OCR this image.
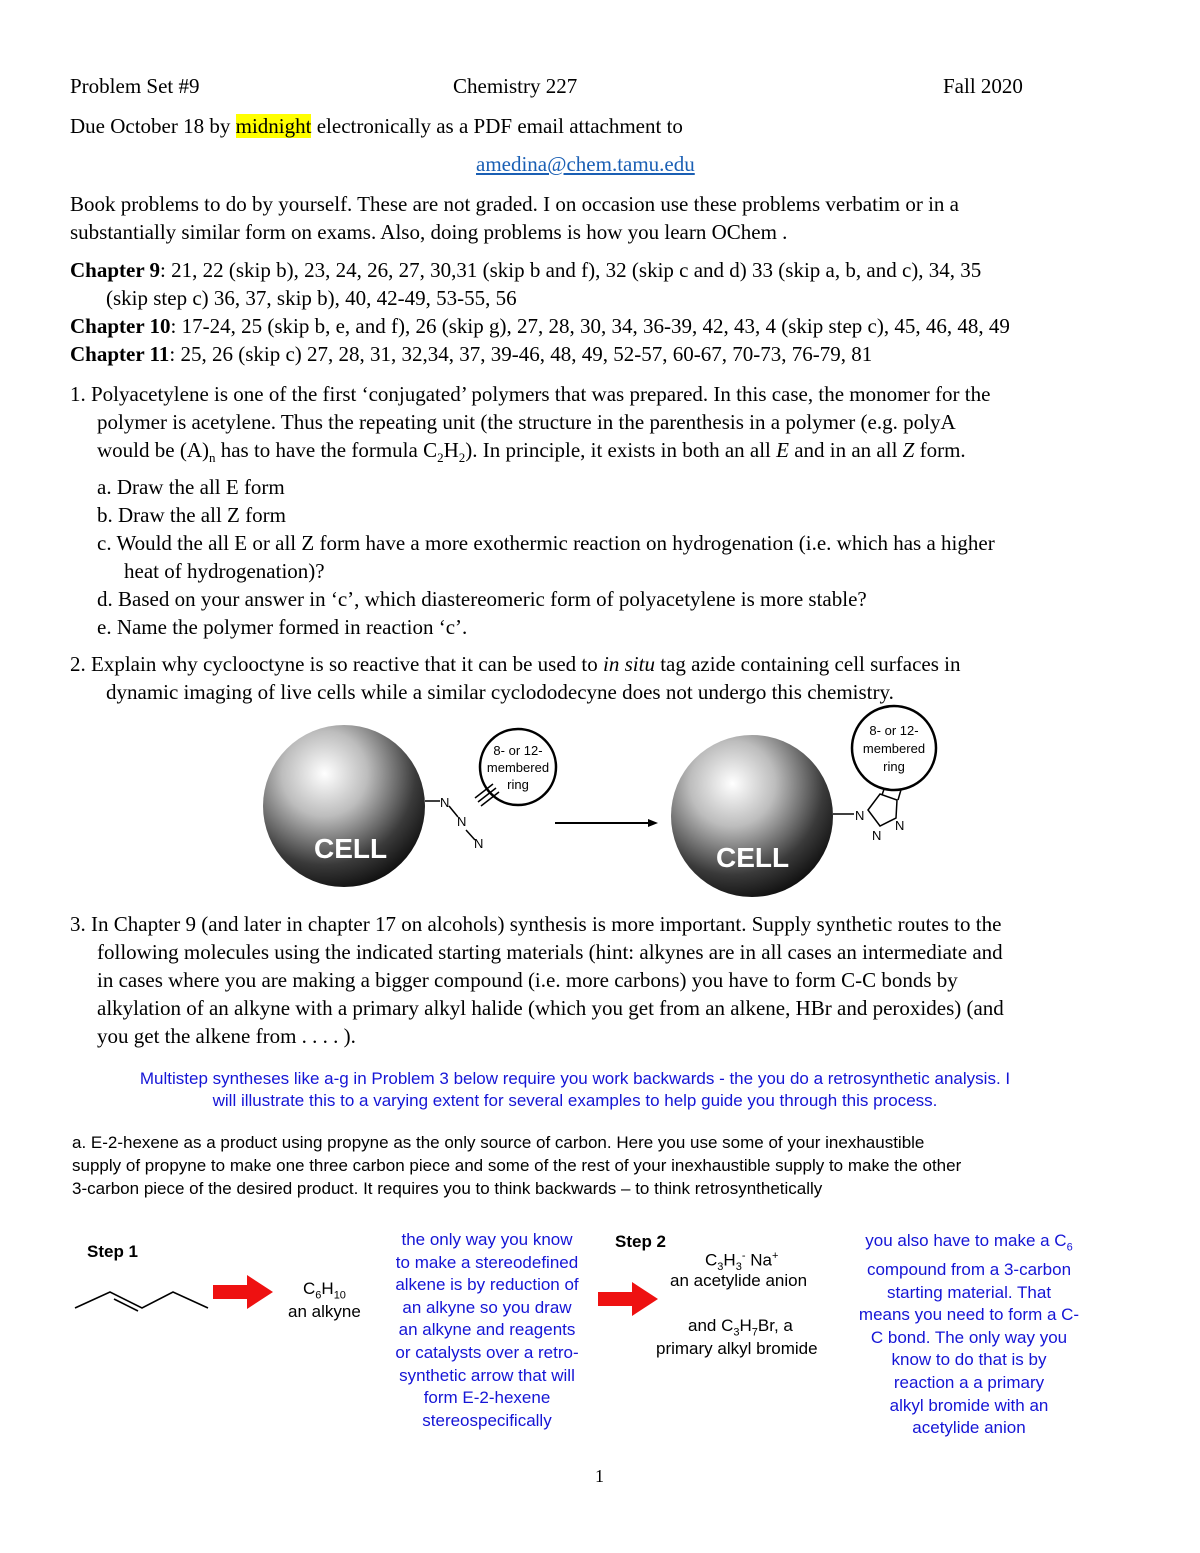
Problem Set #9	Chemistry 227	Fall 2020
Due October 18 by midnight electronically as a PDF email attachment to
amedina@chem.tamu.edu
Book problems to do by yourself. These are not graded. I on occasion use these problems verbatim or in a
substantially similar form on exams. Also, doing problems is how you learn OChem .
Chapter 9: 21, 22 (skip b), 23, 24, 26, 27, 30,31 (skip b and f), 32 (skip c and d) 33 (skip a, b, and c), 34, 35
(skip step c) 36, 37, skip b), 40, 42-49, 53-55, 56
Chapter 10: 17-24, 25 (skip b, e, and f), 26 (skip g), 27, 28, 30, 34, 36-39, 42, 43, 4 (skip step c), 45, 46, 48, 49
Chapter 11: 25, 26 (skip c) 27, 28, 31, 32,34, 37, 39-46, 48, 49, 52-57, 60-67, 70-73, 76-79, 81
1. Polyacetylene is one of the first ‘conjugated’ polymers that was prepared. In this case, the monomer for the
polymer is acetylene. Thus the repeating unit (the structure in the parenthesis in a polymer (e.g. polyA
would be $(A)_n$ has to have the formula $C_2H_2$). In principle, it exists in both an all E and in an all Z form.
a. Draw the all E form
b. Draw the all Z form
c. Would the all E or all Z form have a more exothermic reaction on hydrogenation (i.e. which has a higher
heat of hydrogenation)?
d. Based on your answer in ‘c’, which diastereomeric form of polyacetylene is more stable?
e. Name the polymer formed in reaction ‘c’.
2. Explain why cyclooctyne is so reactive that it can be used to in situ tag azide containing cell surfaces in
dynamic imaging of live cells while a similar cyclododecyne does not undergo this chemistry.
CELL
N
N
N
8- or 12-
membered
ring
CELL
N
N
N
8- or 12-
membered
ring
3. In Chapter 9 (and later in chapter 17 on alcohols) synthesis is more important. Supply synthetic routes to the
following molecules using the indicated starting materials (hint: alkynes are in all cases an intermediate and
in cases where you are making a bigger compound (i.e. more carbons) you have to form C-C bonds by
alkylation of an alkyne with a primary alkyl halide (which you get from an alkene, HBr and peroxides) (and
you get the alkene from . . . . ).
Multistep syntheses like a-g in Problem 3 below require you work backwards - the you do a retrosynthetic analysis. I
will illustrate this to a varying extent for several examples to help guide you through this process.
a. E-2-hexene as a product using propyne as the only source of carbon. Here you use some of your inexhaustible
supply of propyne to make one three carbon piece and some of the rest of your inexhaustible supply to make the other
3-carbon piece of the desired product. It requires you to think backwards – to think retrosynthetically
Step 1
$C_6H_{10}$
an alkyne
the only way you know
to make a stereodefined
alkene is by reduction of
an alkyne so you draw
an alkyne and reagents
or catalysts over a retro-
synthetic arrow that will
form E-2-hexene
stereospecifically
Step 2
$C_3H_3^-$ Na+
an acetylide anion
and $C_3H_7Br$, a
primary alkyl bromide
you also have to make a $C_6$
compound from a 3-carbon
starting material. That
means you need to form a C-
C bond. The only way you
know to do that is by
reaction a a primary
alkyl bromide with an
acetylide anion
1
